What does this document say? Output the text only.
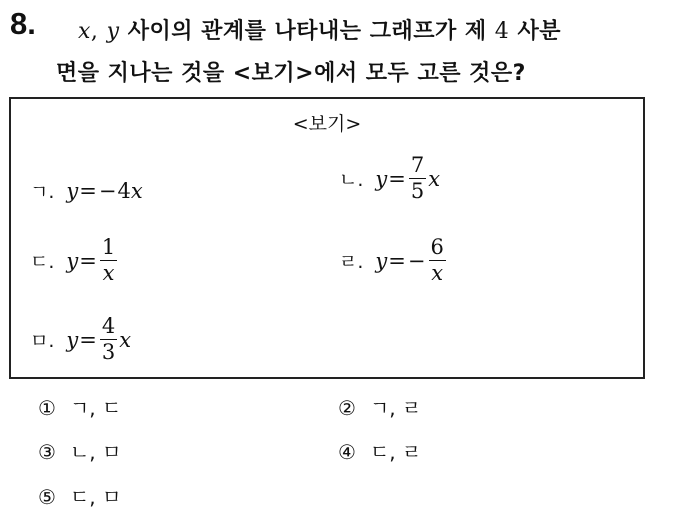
8. x, y 사이의 관계를 나타내는 그래프가 제 4 사분
면을 지나는 것을 <보기>에서 모두 고른 것은?
<보기>
ㄱ. y = − 4 x	ㄴ. $y = \frac{7}{5}$ x
ㄷ. $y = \frac{1}{x}$	ㄹ. y = − $\frac{6}{x}$
ㅁ. $y = \frac{4}{3}$ x
① ㄱ, ㄷ	② ㄱ, ㄹ
③ ㄴ, ㅁ	④ ㄷ, ㄹ
⑤ ㄷ, ㅁ
